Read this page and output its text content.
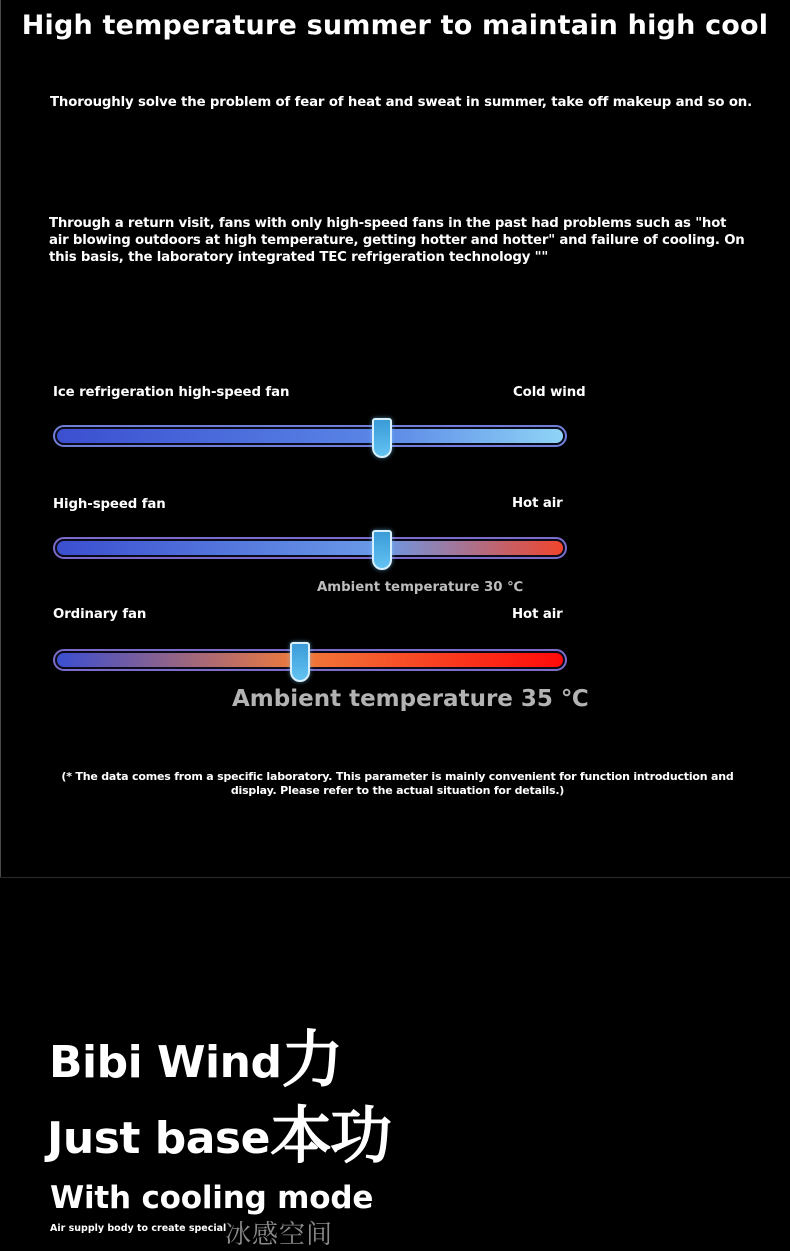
High temperature summer to maintain high cool
Thoroughly solve the problem of fear of heat and sweat in summer, take off makeup and so on.
Through a return visit, fans with only high-speed fans in the past had problems such as "hot air blowing outdoors at high temperature, getting hotter and hotter" and failure of cooling. On this basis, the laboratory integrated TEC refrigeration technology ""
Ice refrigeration high-speed fan	Cold wind
High-speed fan	Hot air
Ambient temperature 30 ℃
Ordinary fan	Hot air
Ambient temperature 35 ℃
(* The data comes from a specific laboratory. This parameter is mainly convenient for function introduction and display. Please refer to the actual situation for details.)
Bibi Wind力
Just base本功
With cooling mode
Air supply body to create special
冰感空间
